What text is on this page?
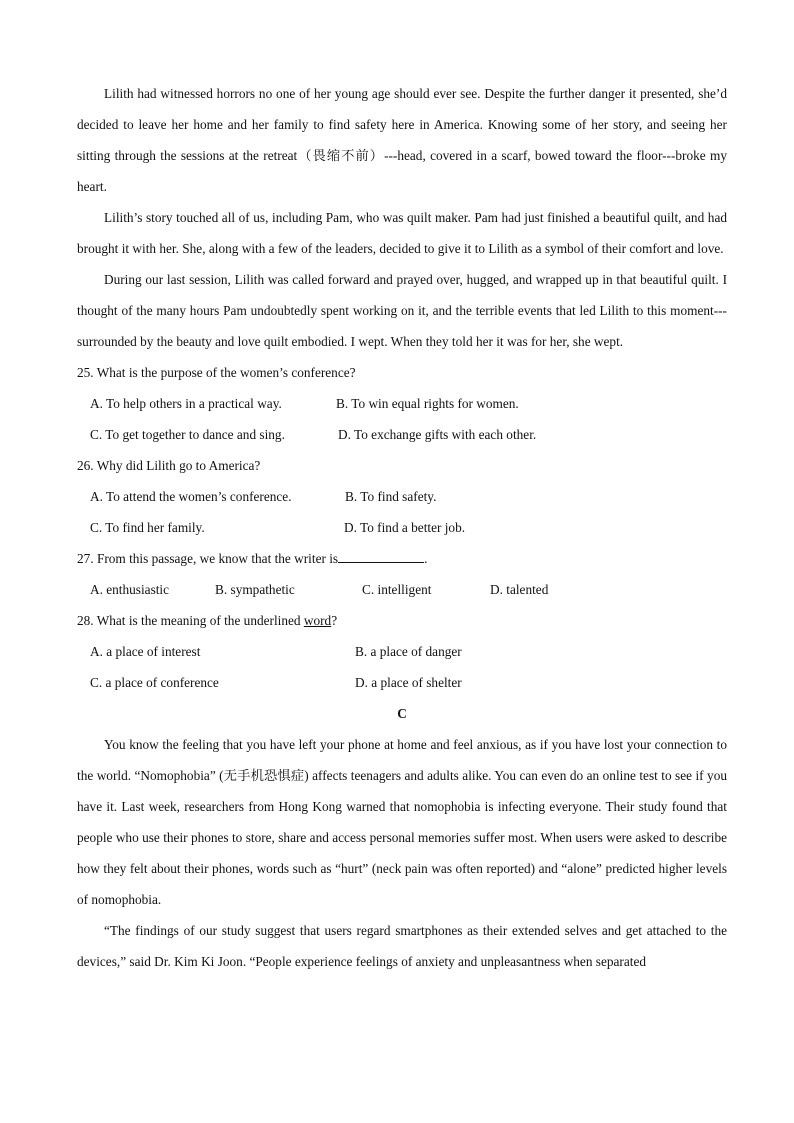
Lilith had witnessed horrors no one of her young age should ever see. Despite the further danger it presented, she’d decided to leave her home and her family to find safety here in America. Knowing some of her story, and seeing her sitting through the sessions at the retreat（畏缩不前）---head, covered in a scarf, bowed toward the floor---broke my heart.

Lilith’s story touched all of us, including Pam, who was quilt maker. Pam had just finished a beautiful quilt, and had brought it with her. She, along with a few of the leaders, decided to give it to Lilith as a symbol of their comfort and love.

During our last session, Lilith was called forward and prayed over, hugged, and wrapped up in that beautiful quilt. I thought of the many hours Pam undoubtedly spent working on it, and the terrible events that led Lilith to this moment---surrounded by the beauty and love quilt embodied. I wept. When they told her it was for her, she wept.

25. What is the purpose of the women’s conference?

A. To help others in a practical way.	B. To win equal rights for women.
C. To get together to dance and sing.	D. To exchange gifts with each other.

26. Why did Lilith go to America?

A. To attend the women’s conference.	B. To find safety.
C. To find her family.	D. To find a better job.

27. From this passage, we know that the writer is	.

A. enthusiastic	B. sympathetic	C. intelligent	D. talented

28. What is the meaning of the underlined word?

A. a place of interest	B. a place of danger
C. a place of conference	D. a place of shelter

C

You know the feeling that you have left your phone at home and feel anxious, as if you have lost your connection to the world. “Nomophobia” (无手机恐惧症) affects teenagers and adults alike. You can even do an online test to see if you have it. Last week, researchers from Hong Kong warned that nomophobia is infecting everyone. Their study found that people who use their phones to store, share and access personal memories suffer most. When users were asked to describe how they felt about their phones, words such as “hurt” (neck pain was often reported) and “alone” predicted higher levels of nomophobia.

“The findings of our study suggest that users regard smartphones as their extended selves and get attached to the devices,” said Dr. Kim Ki Joon. “People experience feelings of anxiety and unpleasantness when separated
